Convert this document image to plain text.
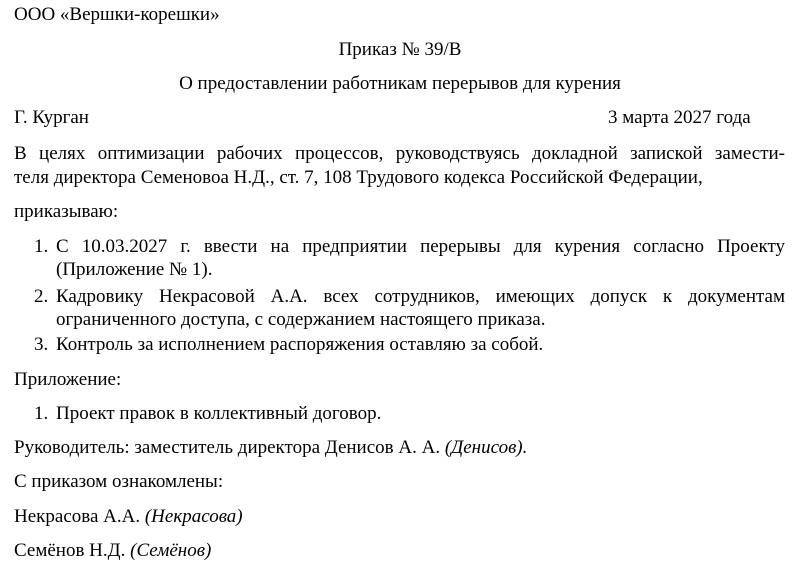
ООО «Вершки-корешки»
Приказ № 39/В
О предоставлении работникам перерывов для курения
Г. Курган	3 марта 2027 года
В целях оптимизации рабочих процессов, руководствуясь докладной запиской замести-
теля директора Семеновоа Н.Д., ст. 7, 108 Трудового кодекса Российской Федерации,
приказываю:
1. С 10.03.2027 г. ввести на предприятии перерывы для курения согласно Проекту
(Приложение № 1).
2. Кадровику Некрасовой А.А. всех сотрудников, имеющих допуск к документам
ограниченного доступа, с содержанием настоящего приказа.
3. Контроль за исполнением распоряжения оставляю за собой.
Приложение:
1. Проект правок в коллективный договор.
Руководитель: заместитель директора Денисов А. А. (Денисов).
С приказом ознакомлены:
Некрасова А.А. (Некрасова)
Семёнов Н.Д. (Семёнов)
